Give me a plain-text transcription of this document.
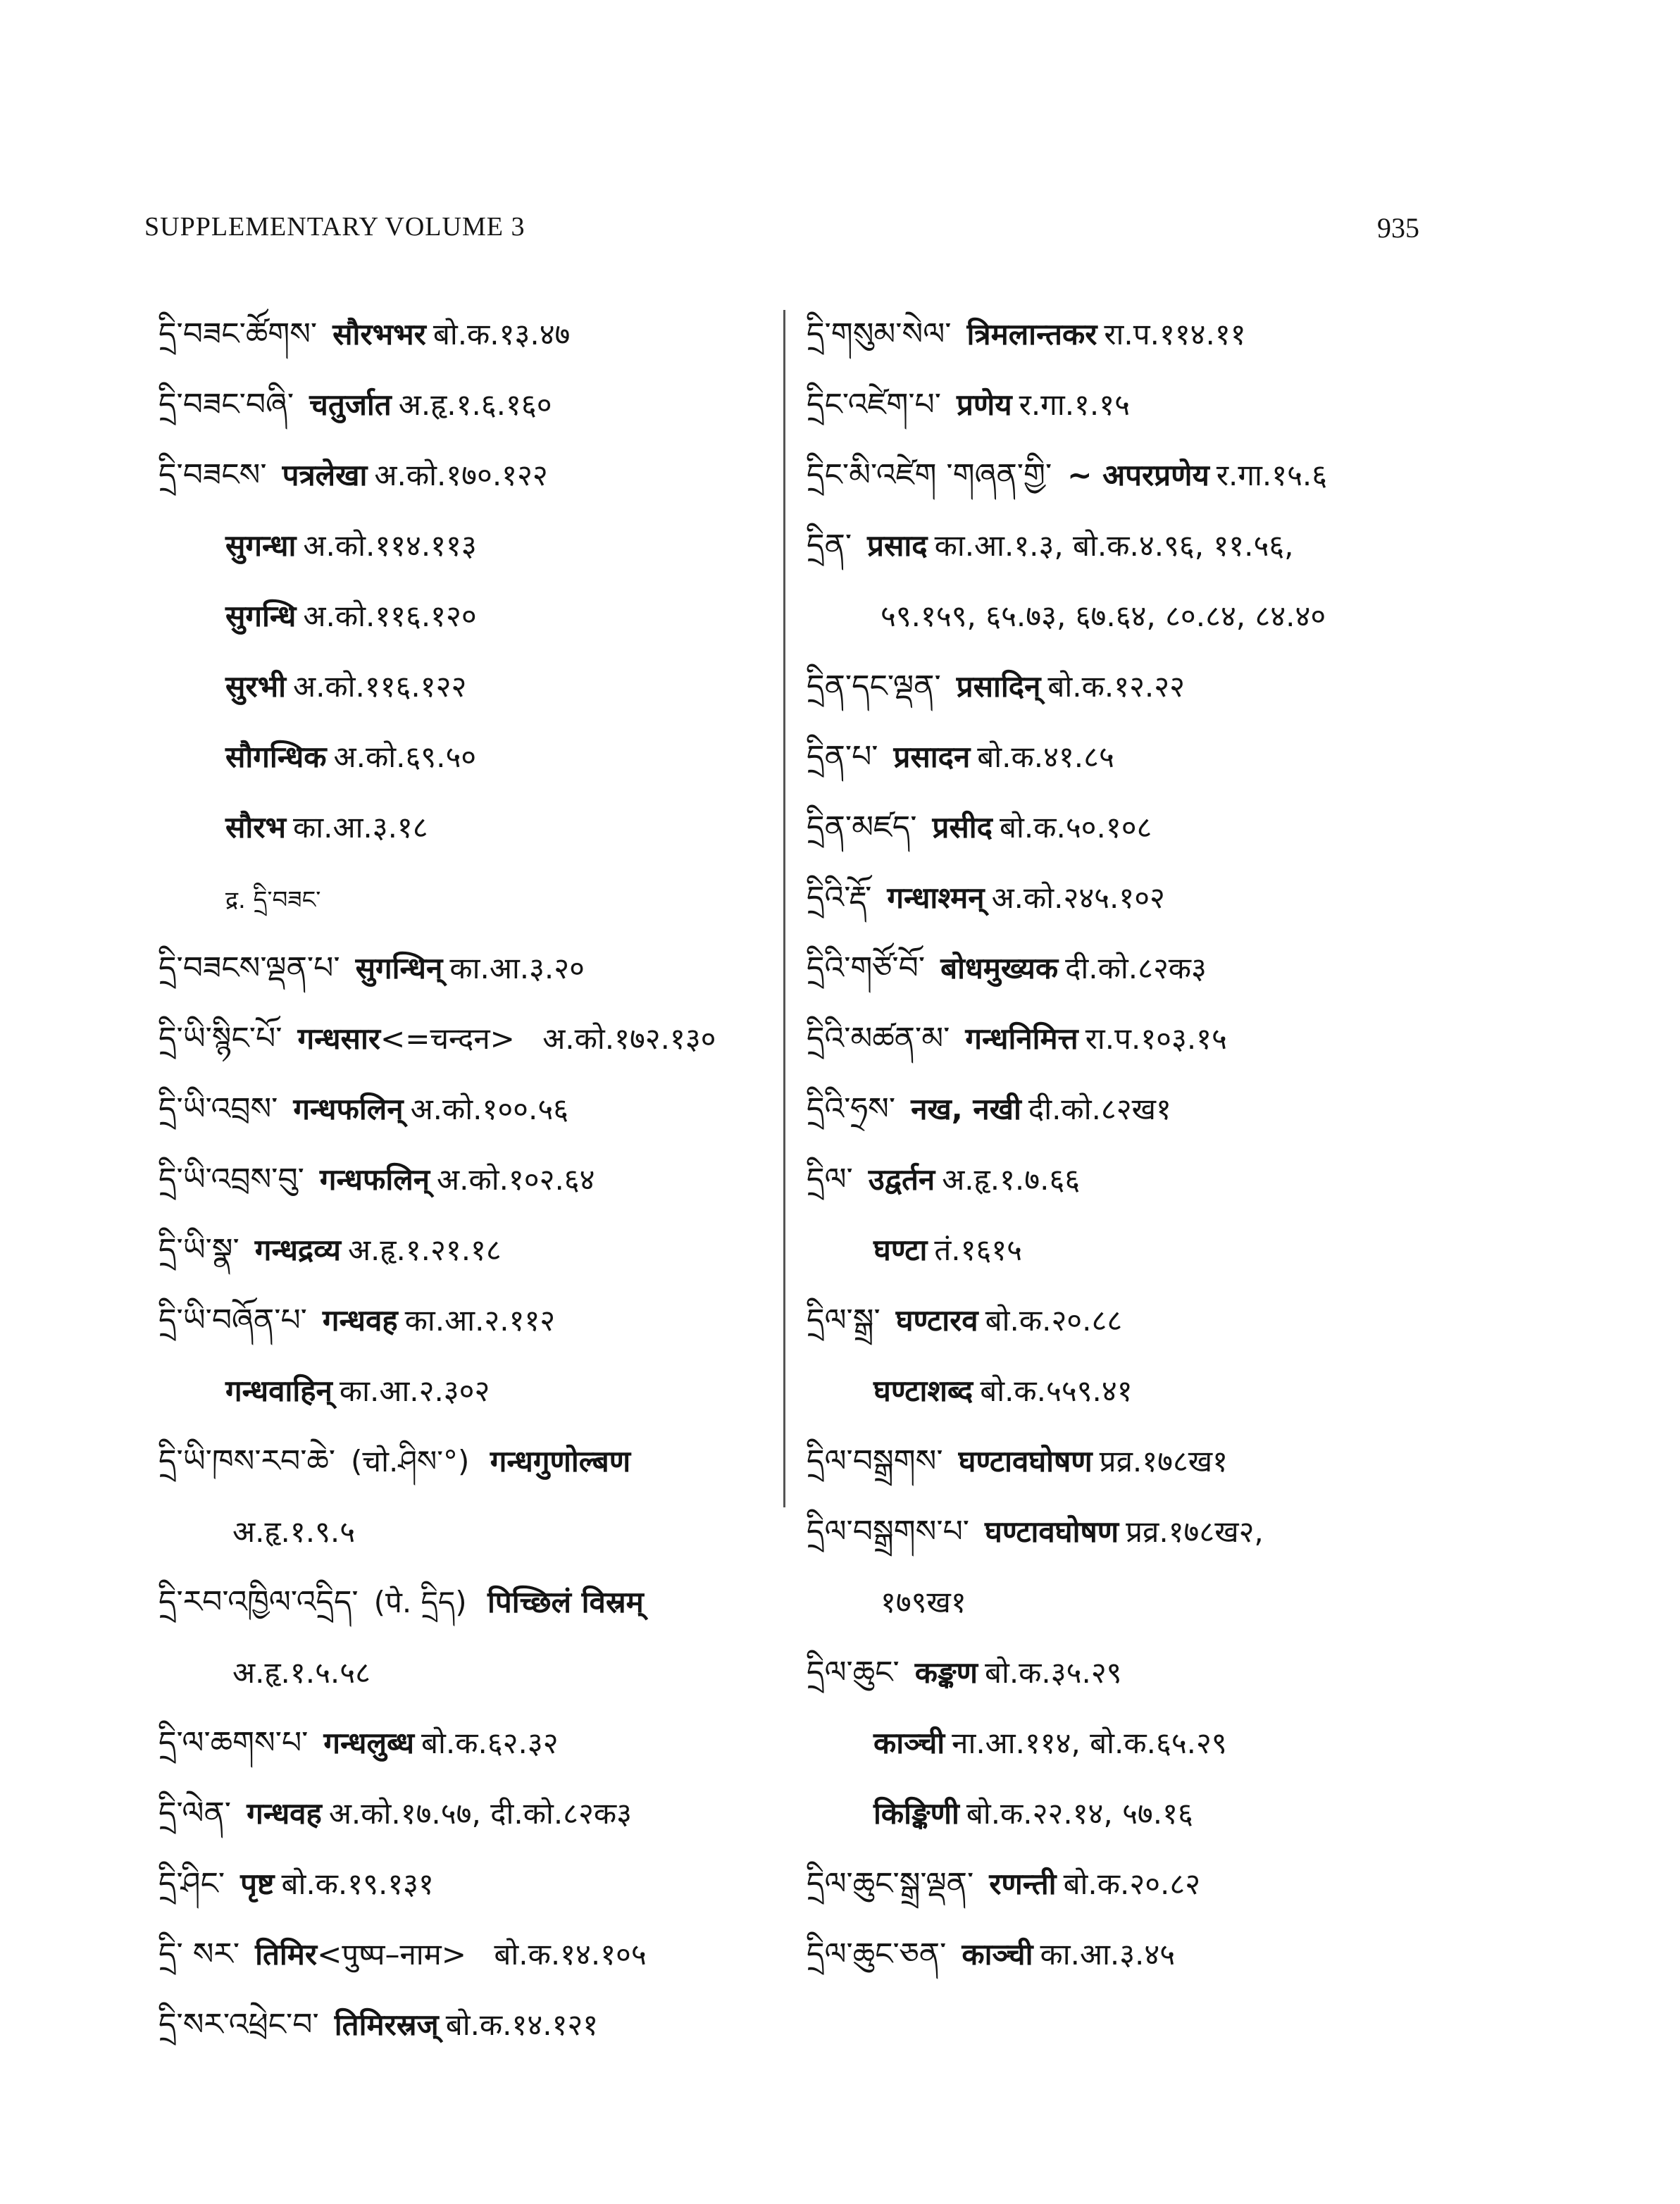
SUPPLEMENTARY VOLUME 3	935
དྲི་བཟང་ཚོགས་ सौरभभर बो.क.१३.४७
དྲི་བཟང་བཞི་ चतुर्जात अ.हृ.१.६.१६०
དྲི་བཟངས་ पत्रलेखा अ.को.१७०.१२२
सुगन्धा अ.को.११४.११३
सुगन्धि अ.को.११६.१२०
सुरभी अ.को.११६.१२२
सौगन्धिक अ.को.६९.५०
सौरभ का.आ.३.१८
द्र. དྲི་བཟང་
དྲི་བཟངས་ལྡན་པ་ सुगन्धिन् का.आ.३.२०
དྲི་ཡི་སྙིང་པོ་ गन्धसार<=चन्दन> अ.को.१७२.१३०
དྲི་ཡི་འབྲས་ गन्धफलिन् अ.को.१००.५६
དྲི་ཡི་འབྲས་བུ་ गन्धफलिन् अ.को.१०२.६४
དྲི་ཡི་སྣ་ गन्धद्रव्य अ.हृ.१.२१.१८
དྲི་ཡི་བཞོན་པ་ गन्धवह का.आ.२.११२
गन्धवाहिन् का.आ.२.३०२
དྲི་ཡི་ཁས་རབ་ཆེ་ (चो.ཤིས་°) गन्धगुणोल्बण
अ.हृ.१.९.५
དྲི་རབ་འཁྱིལ་འདྲིད་ (पे. དྲིད) पिच्छिलं विस्रम्
अ.हृ.१.५.५८
དྲི་ལ་ཆགས་པ་ गन्धलुब्ध बो.क.६२.३२
དྲི་ལེན་ गन्धवह अ.को.१७.५७, दी.को.८२क३
དྲི་ཤིང་ पृष्ट बो.क.१९.१३१
དྲི་ སར་ तिमिर<पुष्प–नाम> बो.क.१४.१०५
དྲི་སར་འཕྲེང་བ་ तिमिरस्रज् बो.क.१४.१२१
དྲི་གསུམ་སེལ་ त्रिमलान्तकर रा.प.११४.११
དྲིང་འཛེག་པ་ प्रणेय र.गा.१.१५
དྲིང་མི་འཛེག ་གཞན་གྱི་ ~ अपरप्रणेय र.गा.१५.६
དྲིན་ प्रसाद का.आ.१.३, बो.क.४.९६, ११.५६,
५९.१५९, ६५.७३, ६७.६४, ८०.८४, ८४.४०
དྲིན་དང་ལྡན་ प्रसादिन् बो.क.१२.२२
དྲིན་པ་ प्रसादन बो.क.४१.८५
དྲིན་མཛད་ प्रसीद बो.क.५०.१०८
དྲིའི་རྡོ་ गन्धाश्मन् अ.को.२४५.१०२
དྲིའི་གཙོ་བོ་ बोधमुख्यक दी.को.८२क३
དྲིའི་མཚན་མ་ गन्धनिमित्त रा.प.१०३.१५
དྲིའི་ཧྲས་ नख, नखी दी.को.८२ख१
དྲིལ་ उद्वर्तन अ.हृ.१.७.६६
घण्टा तं.१६१५
དྲིལ་སྒྲ་ घण्टारव बो.क.२०.८८
घण्टाशब्द बो.क.५५९.४१
དྲིལ་བསྒྲགས་ घण्टावघोषण प्रव्र.१७८ख१
དྲིལ་བསྒྲགས་པ་ घण्टावघोषण प्रव्र.१७८ख२,
१७९ख१
དྲིལ་ཆུང་ कङ्कण बो.क.३५.२९
काञ्ची ना.आ.११४, बो.क.६५.२९
किङ्किणी बो.क.२२.१४, ५७.१६
དྲིལ་ཆུང་སྒྲ་ལྡན་ रणन्ती बो.क.२०.८२
དྲིལ་ཆུང་ཅན་ काञ्ची का.आ.३.४५
